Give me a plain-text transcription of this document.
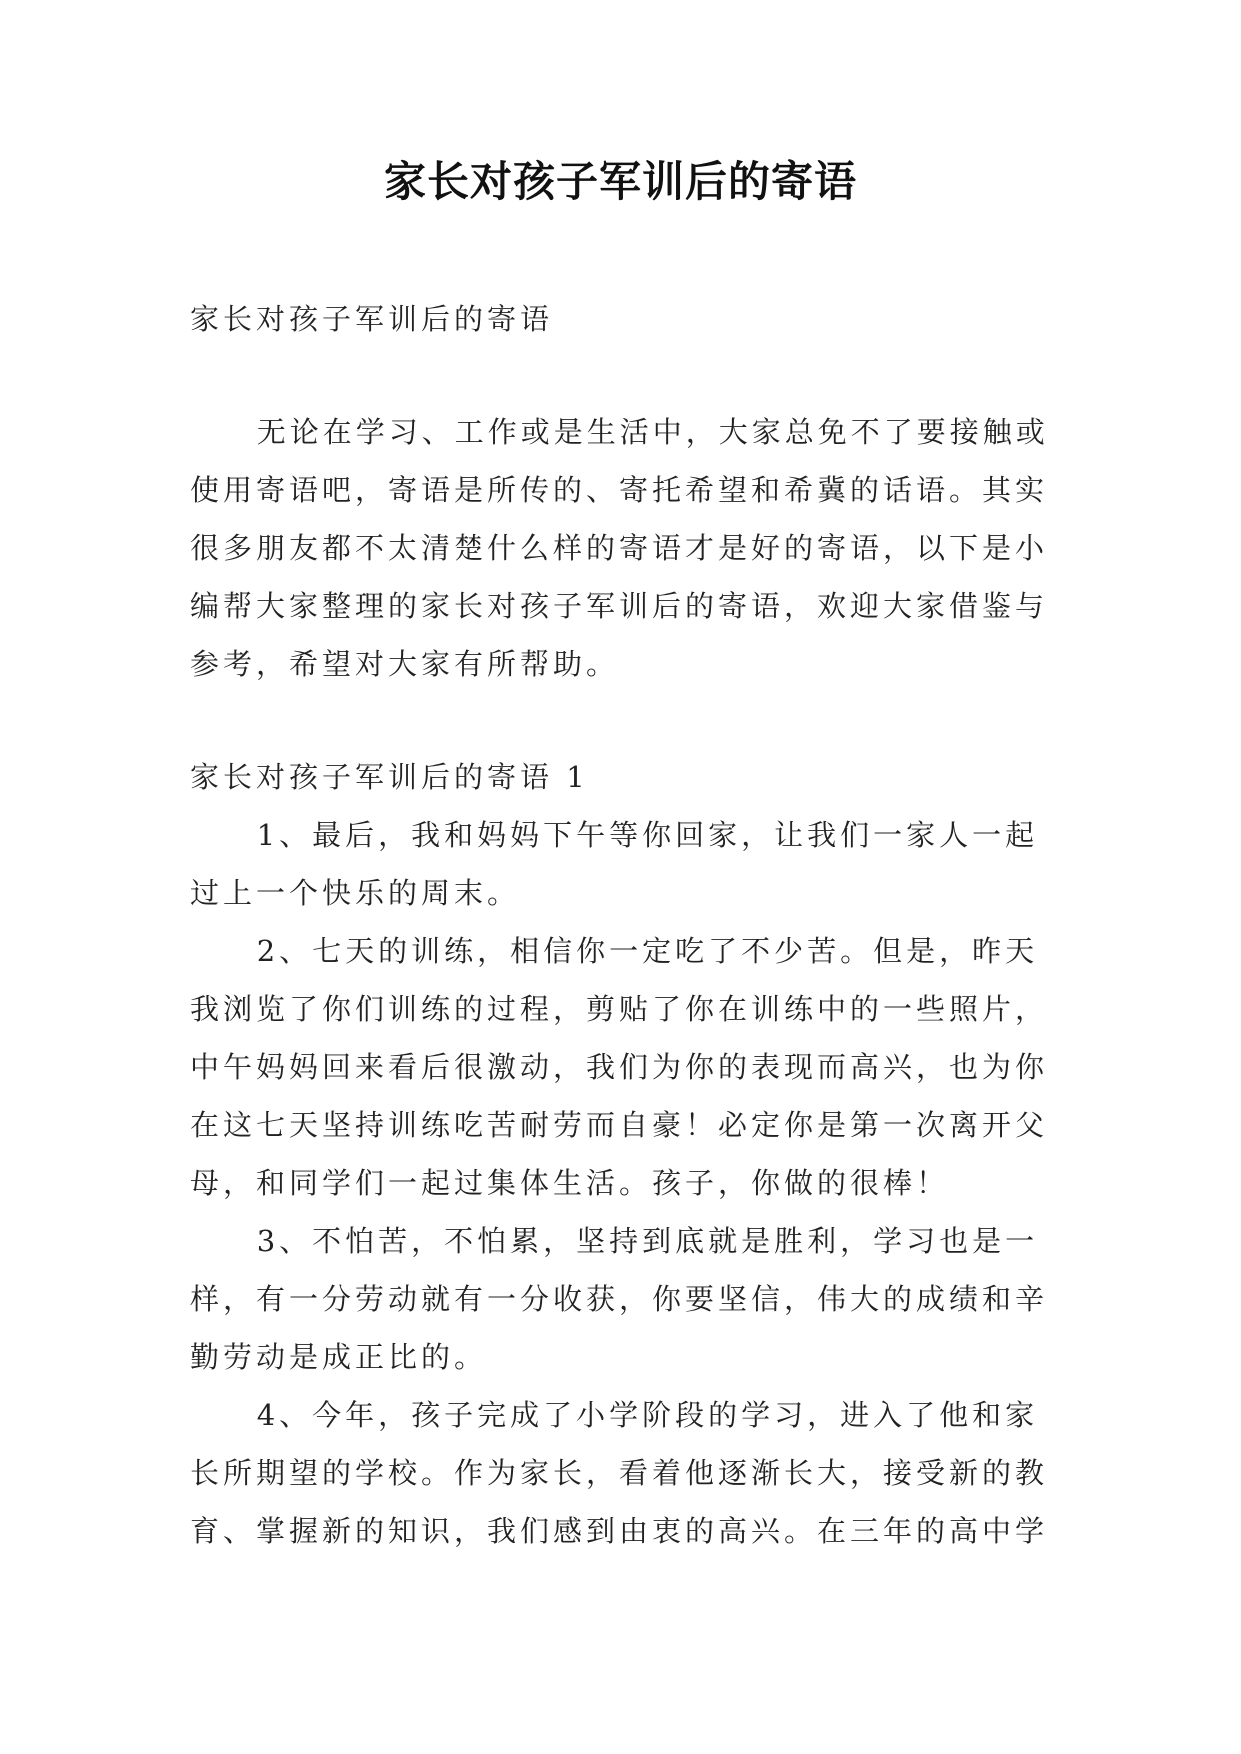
家长对孩子军训后的寄语

家长对孩子军训后的寄语

无论在学习、工作或是生活中，大家总免不了要接触或使用寄语吧，寄语是所传的、寄托希望和希冀的话语。其实很多朋友都不太清楚什么样的寄语才是好的寄语，以下是小编帮大家整理的家长对孩子军训后的寄语，欢迎大家借鉴与参考，希望对大家有所帮助。

家长对孩子军训后的寄语 1

1、最后，我和妈妈下午等你回家，让我们一家人一起过上一个快乐的周末。

2、七天的训练，相信你一定吃了不少苦。但是，昨天我浏览了你们训练的过程，剪贴了你在训练中的一些照片，中午妈妈回来看后很激动，我们为你的表现而高兴，也为你在这七天坚持训练吃苦耐劳而自豪！必定你是第一次离开父母，和同学们一起过集体生活。孩子，你做的很棒！

3、不怕苦，不怕累，坚持到底就是胜利，学习也是一样，有一分劳动就有一分收获，你要坚信，伟大的成绩和辛勤劳动是成正比的。

4、今年，孩子完成了小学阶段的学习，进入了他和家长所期望的学校。作为家长，看着他逐渐长大，接受新的教育、掌握新的知识，我们感到由衷的高兴。在三年的高中学
